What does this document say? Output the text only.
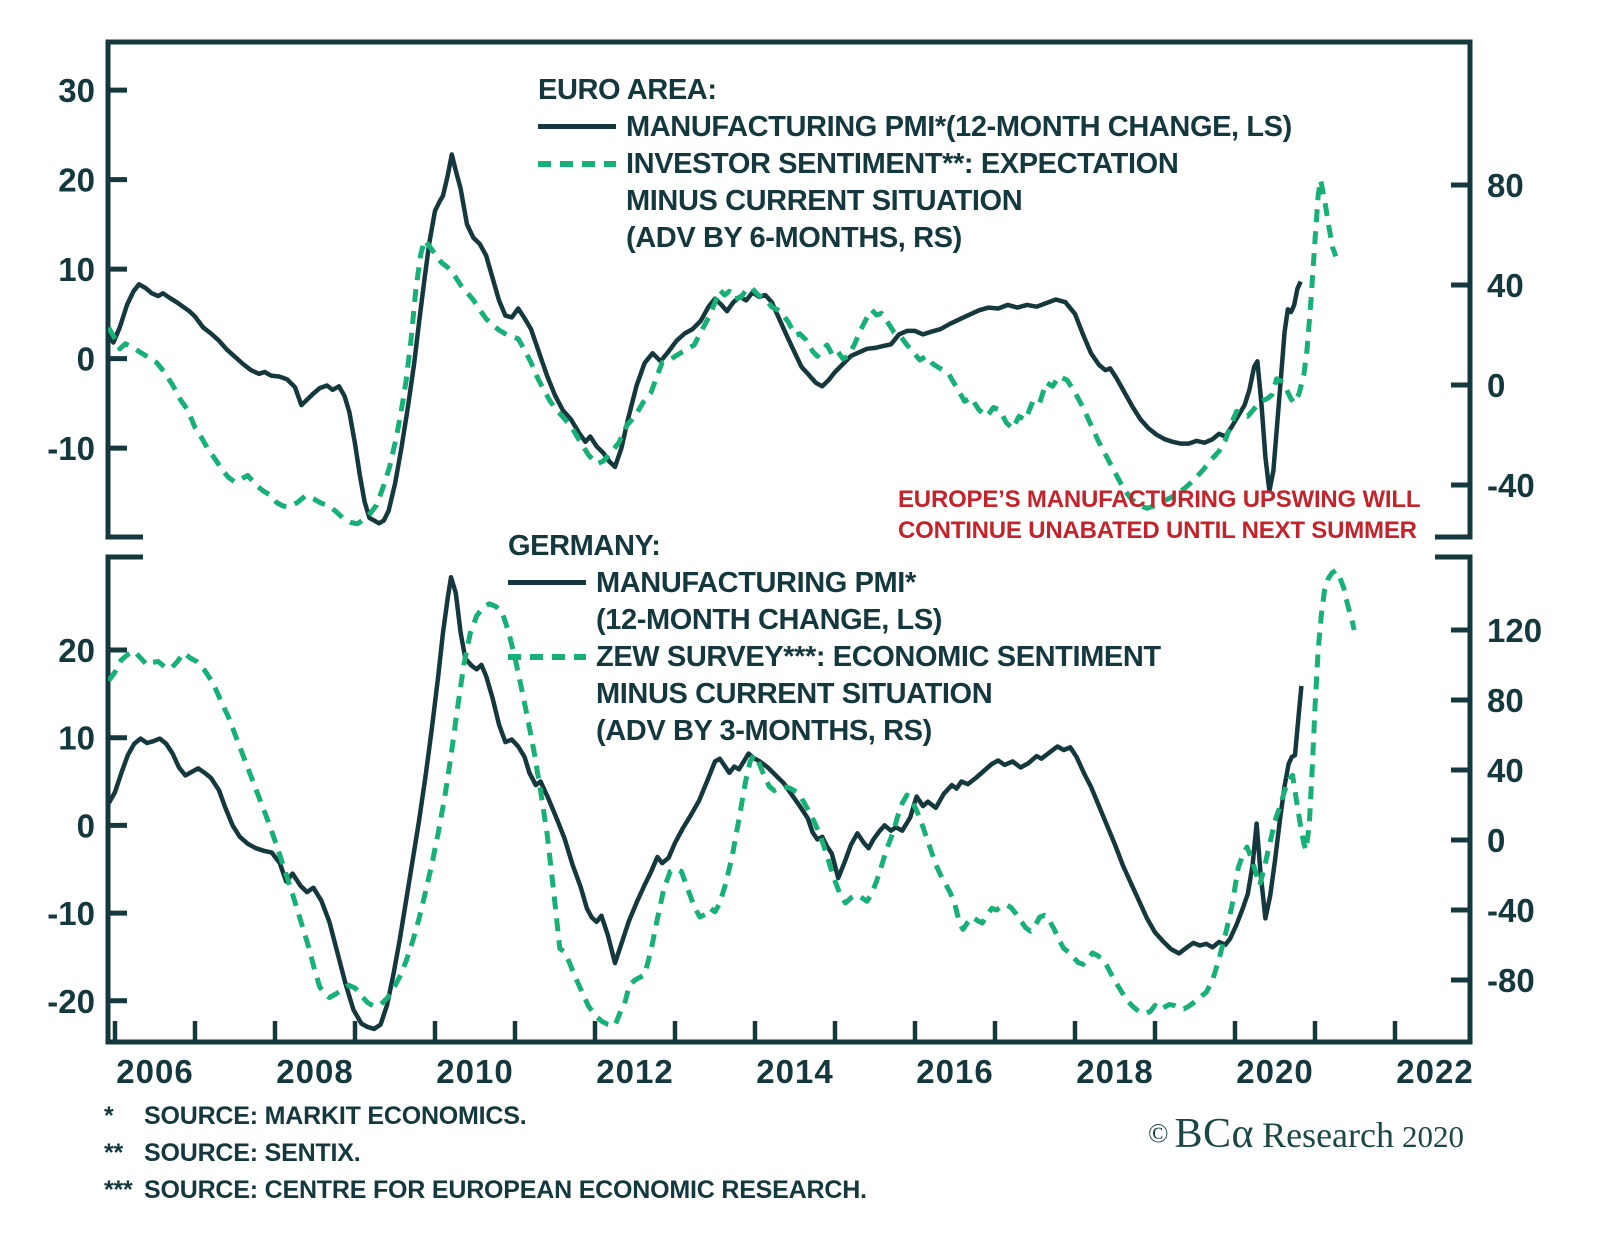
30
20
10
0
-10
80
40
0
-40
20
10
0
-10
-20
120
80
40
0
-40
-80
2006	2008	2010	2012	2014	2016	2018	2020	2022
EURO AREA:
MANUFACTURING PMI*(12-MONTH CHANGE, LS)
INVESTOR SENTIMENT**: EXPECTATION
MINUS CURRENT SITUATION
(ADV BY 6-MONTHS, RS)
GERMANY:
MANUFACTURING PMI*
(12-MONTH CHANGE, LS)
ZEW SURVEY***: ECONOMIC SENTIMENT
MINUS CURRENT SITUATION
(ADV BY 3-MONTHS, RS)
EUROPE’S MANUFACTURING UPSWING WILL
CONTINUE UNABATED UNTIL NEXT SUMMER
*	SOURCE: MARKIT ECONOMICS.
** SOURCE: SENTIX.
*** SOURCE: CENTRE FOR EUROPEAN ECONOMIC RESEARCH.
© BCα Research 2020
